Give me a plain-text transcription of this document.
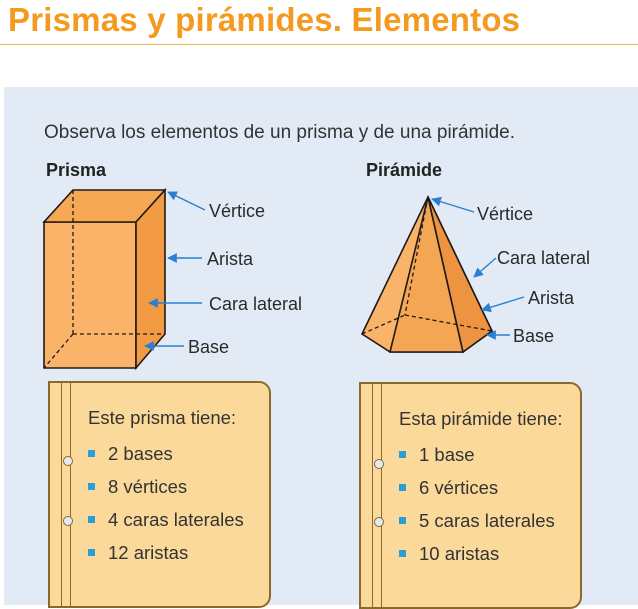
Prismas y pirámides. Elementos
Observa los elementos de un prisma y de una pirámide.
Prisma	Pirámide
Vértice
Arista
Cara lateral
Base
Vértice
Cara lateral
Arista
Base
Este prisma tiene:
2 bases
8 vértices
4 caras laterales
12 aristas
Esta pirámide tiene:
1 base
6 vértices
5 caras laterales
10 aristas
